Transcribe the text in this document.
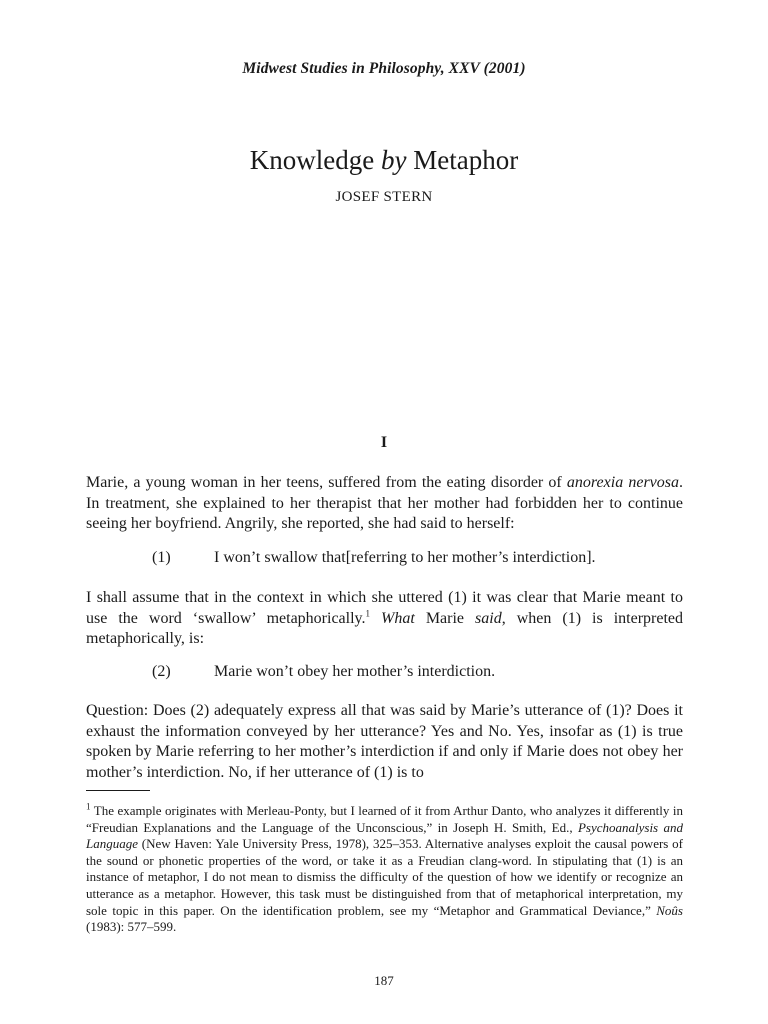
Midwest Studies in Philosophy, XXV (2001)
Knowledge by Metaphor
JOSEF STERN
I
Marie, a young woman in her teens, suffered from the eating disorder of anorexia nervosa. In treatment, she explained to her therapist that her mother had forbidden her to continue seeing her boyfriend. Angrily, she reported, she had said to herself:
(1)	I won’t swallow that[referring to her mother’s interdiction].
I shall assume that in the context in which she uttered (1) it was clear that Marie meant to use the word ‘swallow’ metaphorically.$^1$ What Marie said, when (1) is interpreted metaphorically, is:
(2)	Marie won’t obey her mother’s interdiction.
Question: Does (2) adequately express all that was said by Marie’s utterance of (1)? Does it exhaust the information conveyed by her utterance? Yes and No. Yes, insofar as (1) is true spoken by Marie referring to her mother’s interdiction if and only if Marie does not obey her mother’s interdiction. No, if her utterance of (1) is to
$^1$ The example originates with Merleau-Ponty, but I learned of it from Arthur Danto, who analyzes it differently in “Freudian Explanations and the Language of the Unconscious,” in Joseph H. Smith, Ed., Psychoanalysis and Language (New Haven: Yale University Press, 1978), 325–353. Alternative analyses exploit the causal powers of the sound or phonetic properties of the word, or take it as a Freudian clang-word. In stipulating that (1) is an instance of metaphor, I do not mean to dismiss the difficulty of the question of how we identify or recognize an utterance as a metaphor. However, this task must be distinguished from that of metaphorical interpretation, my sole topic in this paper. On the identification problem, see my “Metaphor and Grammatical Deviance,” Noûs (1983): 577–599.
187
